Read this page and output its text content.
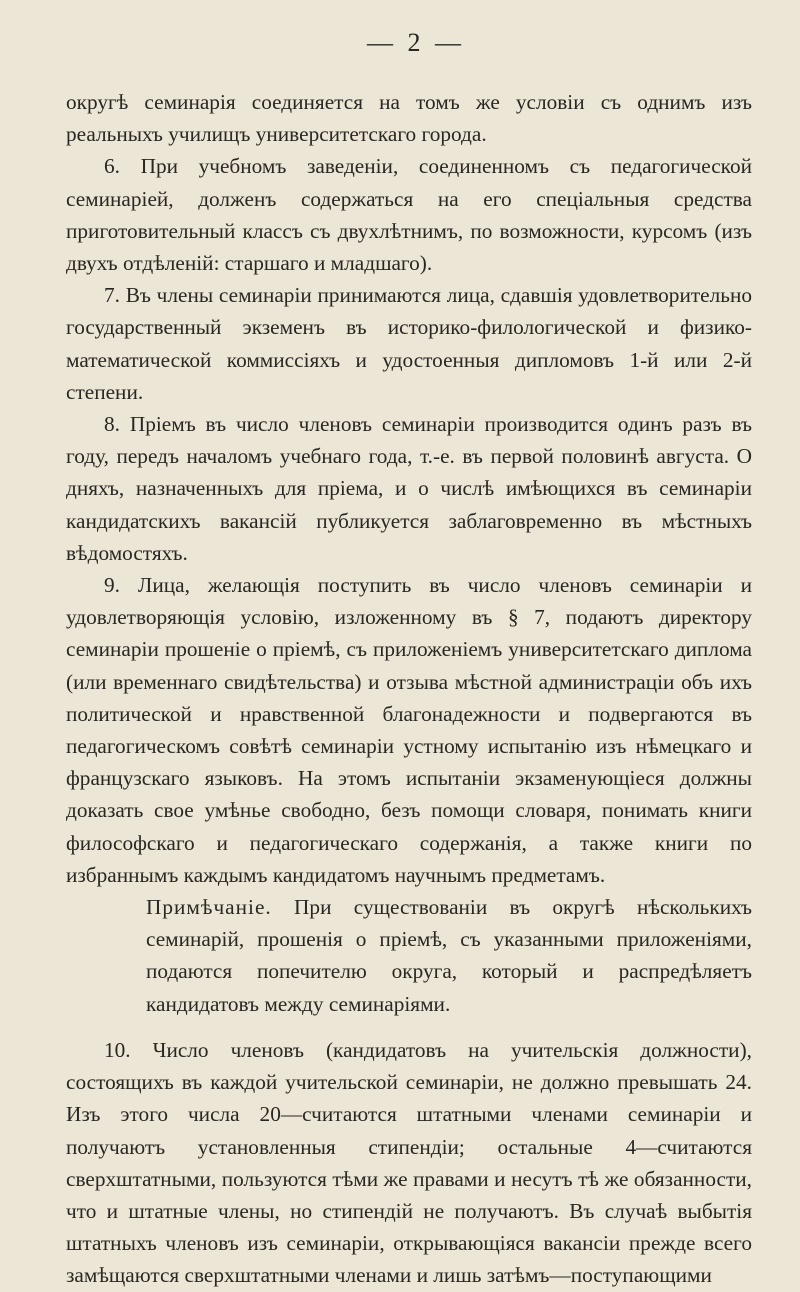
— 2 —

округѣ семинарія соединяется на томъ же условіи съ однимъ изъ реальныхъ училищъ университетскаго города.

6. При учебномъ заведеніи, соединенномъ съ педагогической семинаріей, долженъ содержаться на его спеціальныя средства приготовительный классъ съ двухлѣтнимъ, по возможности, курсомъ (изъ двухъ отдѣленій: старшаго и младшаго).

7. Въ члены семинаріи принимаются лица, сдавшія удовлетворительно государственный экземенъ въ историко-филологической и физико-математической коммиссіяхъ и удостоенныя дипломовъ 1-й или 2-й степени.

8. Пріемъ въ число членовъ семинаріи производится одинъ разъ въ году, передъ началомъ учебнаго года, т.-е. въ первой половинѣ августа. О дняхъ, назначенныхъ для пріема, и о числѣ имѣющихся въ семинаріи кандидатскихъ вакансій публикуется заблаговременно въ мѣстныхъ вѣдомостяхъ.

9. Лица, желающія поступить въ число членовъ семинаріи и удовлетворяющія условію, изложенному въ § 7, подаютъ директору семинаріи прошеніе о пріемѣ, съ приложеніемъ университетскаго диплома (или временнаго свидѣтельства) и отзыва мѣстной администраціи объ ихъ политической и нравственной благонадежности и подвергаются въ педагогическомъ совѣтѣ семинаріи устному испытанію изъ нѣмецкаго и французскаго языковъ. На этомъ испытаніи экзаменующіеся должны доказать свое умѣнье свободно, безъ помощи словаря, понимать книги философскаго и педагогическаго содержанія, а также книги по избраннымъ каждымъ кандидатомъ научнымъ предметамъ.

Примѣчаніе. При существованіи въ округѣ нѣсколькихъ семинарій, прошенія о пріемѣ, съ указанными приложеніями, подаются попечителю округа, который и распредѣляетъ кандидатовъ между семинаріями.

10. Число членовъ (кандидатовъ на учительскія должности), состоящихъ въ каждой учительской семинаріи, не должно превышать 24. Изъ этого числа 20—считаются штатными членами семинаріи и получаютъ установленныя стипендіи; остальные 4—считаются сверхштатными, пользуются тѣми же правами и несутъ тѣ же обязанности, что и штатные члены, но стипендій не получаютъ. Въ случаѣ выбытія штатныхъ членовъ изъ семинаріи, открывающіяся вакансіи прежде всего замѣщаются сверхштатными членами и лишь затѣмъ—поступающими
